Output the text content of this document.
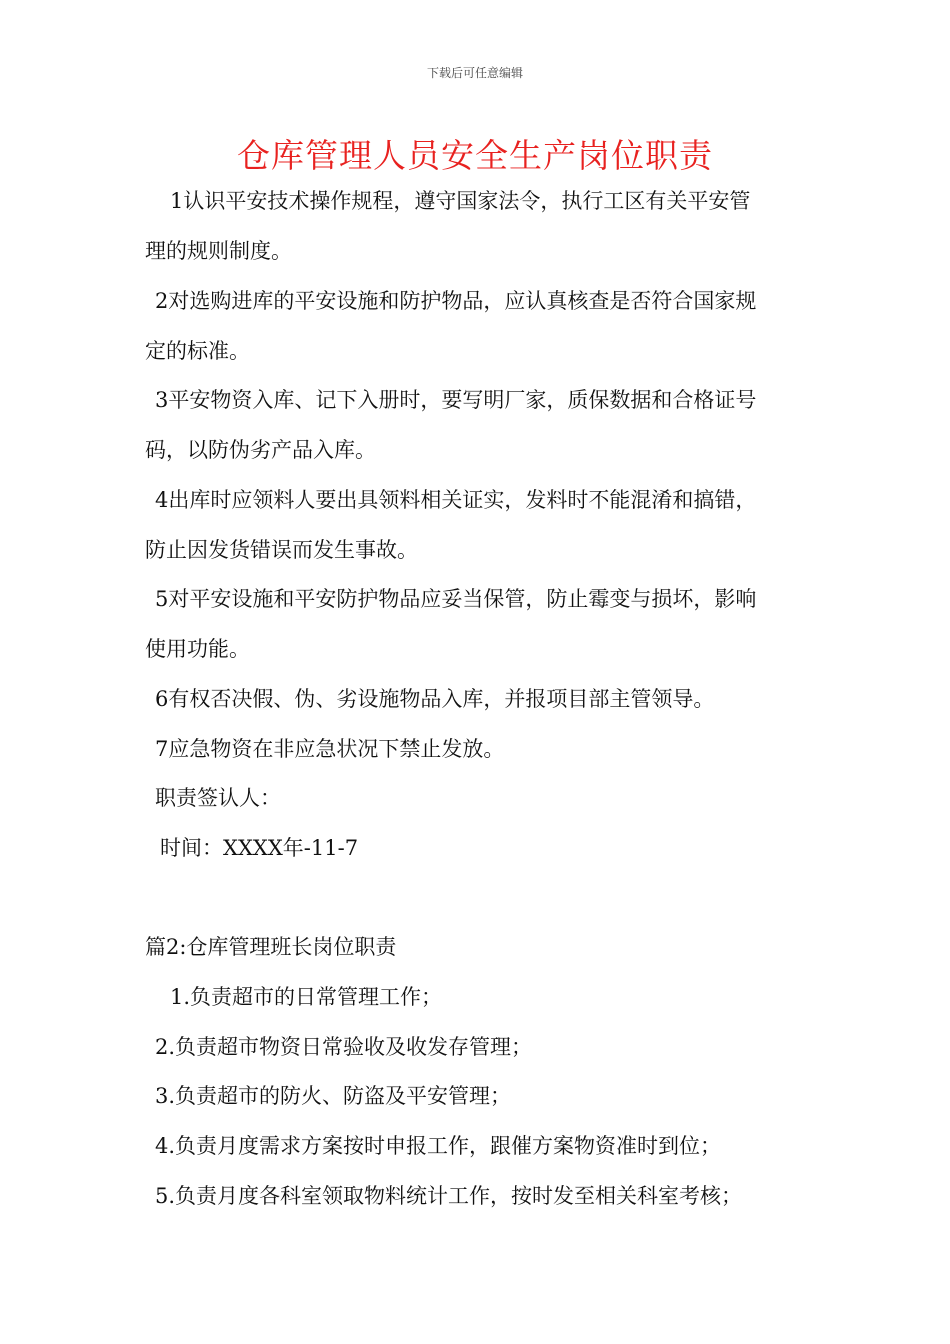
下载后可任意编辑
仓库管理人员安全生产岗位职责

1认识平安技术操作规程，遵守国家法令，执行工区有关平安管

理的规则制度。

2对选购进库的平安设施和防护物品，应认真核查是否符合国家规

定的标准。

3平安物资入库、记下入册时，要写明厂家，质保数据和合格证号

码，以防伪劣产品入库。

4出库时应领料人要出具领料相关证实，发料时不能混淆和搞错，

防止因发货错误而发生事故。

5对平安设施和平安防护物品应妥当保管，防止霉变与损坏，影响

使用功能。

6有权否决假、伪、劣设施物品入库，并报项目部主管领导。

7应急物资在非应急状况下禁止发放。

职责签认人：

时间：XXXX年-11-7

篇2:仓库管理班长岗位职责

1.负责超市的日常管理工作；

2.负责超市物资日常验收及收发存管理；

3.负责超市的防火、防盗及平安管理；

4.负责月度需求方案按时申报工作，跟催方案物资准时到位；

5.负责月度各科室领取物料统计工作，按时发至相关科室考核；
